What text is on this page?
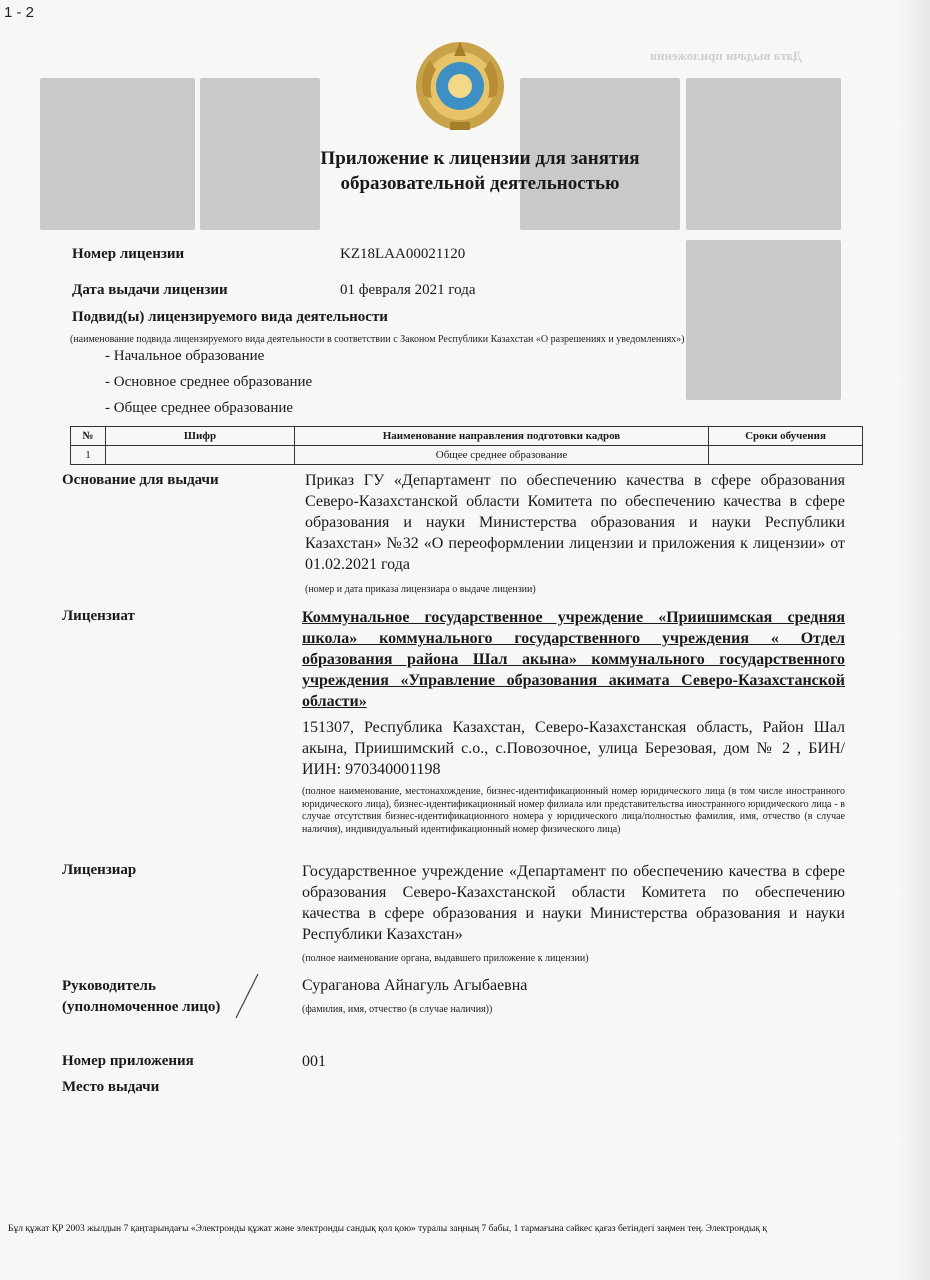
1 - 2
Дата выдачи приложения
Приложение к лицензии для занятия образовательной деятельностью
Номер лицензии	KZ18LAA00021120
Дата выдачи лицензии	01 февраля 2021 года
Подвид(ы) лицензируемого вида деятельности
(наименование подвида лицензируемого вида деятельности в соответствии с Законом Республики Казахстан «О разрешениях и уведомлениях»)
- Начальное образование
- Основное среднее образование
- Общее среднее образование
№	Шифр	Наименование направления подготовки кадров	Сроки обучения
1		Общее среднее образование	
Основание для выдачи	Приказ ГУ «Департамент по обеспечению качества в сфере образования Северо-Казахстанской области Комитета по обеспечению качества в сфере образования и науки Министерства образования и науки Республики Казахстан» №32 «О переоформлении лицензии и приложения к лицензии» от 01.02.2021 года
(номер и дата приказа лицензиара о выдаче лицензии)
Лицензиат	Коммунальное государственное учреждение «Приишимская средняя школа» коммунального государственного учреждения « Отдел образования района Шал акына» коммунального государственного учреждения «Управление образования акимата Северо-Казахстанской области»
151307, Республика Казахстан, Северо-Казахстанская область, Район Шал акына, Приишимский с.о., с.Повозочное, улица Березовая, дом № 2 , БИН/ИИН: 970340001198
(полное наименование, местонахождение, бизнес-идентификационный номер юридического лица (в том числе иностранного юридического лица), бизнес-идентификационный номер филиала или представительства иностранного юридического лица - в случае отсутствия бизнес-идентификационного номера у юридического лица/полностью фамилия, имя, отчество (в случае наличия), индивидуальный идентификационный номер физического лица)
Лицензиар	Государственное учреждение «Департамент по обеспечению качества в сфере образования Северо-Казахстанской области Комитета по обеспечению качества в сфере образования и науки Министерства образования и науки Республики Казахстан»
(полное наименование органа, выдавшего приложение к лицензии)
Руководитель
(уполномоченное лицо)
Сураганова Айнагуль Агыбаевна
(фамилия, имя, отчество (в случае наличия))
Номер приложения	001
Место выдачи
Бұл құжат ҚР 2003 жылдын 7 қаңтарындағы «Электронды құжат және электронды сандық қол қою» туралы заңның 7 бабы, 1 тармағына сәйкес қағаз бетіндегі заңмен тең. Электрондық қ
